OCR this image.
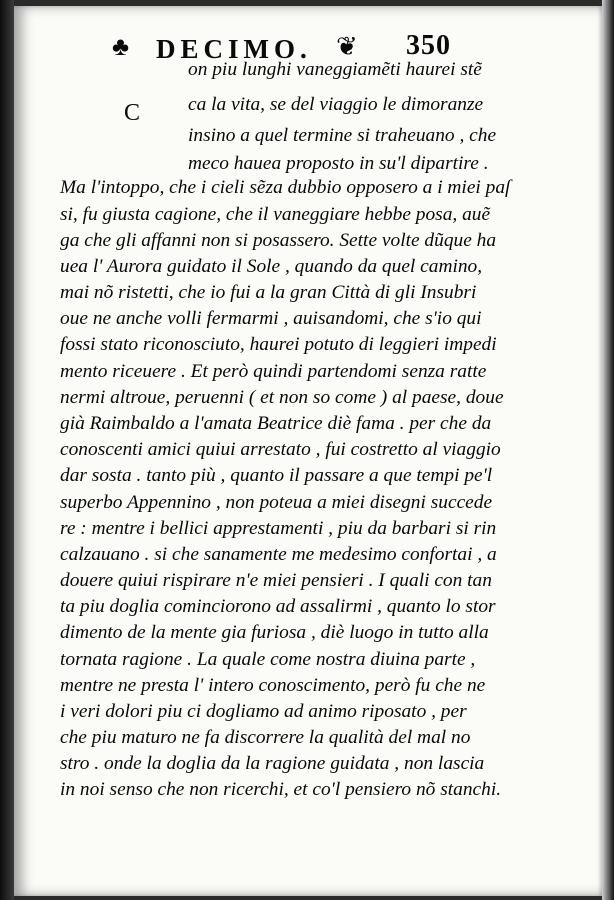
♣ DECIMO. ❦ 350
C
on piu lunghi vaneggiamẽti haurei stẽ
ca la vita, se del viaggio le dimoranze
insino a quel termine si traheuano , che
meco hauea proposto in su'l dipartire .
Ma l'intoppo, che i cieli sẽza dubbio opposero a i miei paſ
si, fu giusta cagione, che il vaneggiare hebbe posa, auẽ
ga che gli affanni non si posassero. Sette volte dũque ha
uea l' Aurora guidato il Sole , quando da quel camino,
mai nõ ristetti, che io fui a la gran Città di gli Insubri
oue ne anche volli fermarmi , auisandomi, che s'io qui
fossi stato riconosciuto, haurei potuto di leggieri impedi
mento riceuere . Et però quindi partendomi senza ratte
nermi altroue, peruenni ( et non so come ) al paese, doue
già Raimbaldo a l'amata Beatrice diè fama . per che da
conoscenti amici quiui arrestato , fui costretto al viaggio
dar sosta . tanto più , quanto il passare a que tempi pe'l
superbo Appennino , non poteua a miei disegni succede
re : mentre i bellici apprestamenti , piu da barbari si rin
calzauano . si che sanamente me medesimo confortai , a
douere quiui rispirare n'e miei pensieri . I quali con tan
ta piu doglia cominciorono ad assalirmi , quanto lo stor
dimento de la mente gia furiosa , diè luogo in tutto alla
tornata ragione . La quale come nostra diuina parte ,
mentre ne presta l' intero conoscimento, però fu che ne
i veri dolori piu ci dogliamo ad animo riposato , per
che piu maturo ne fa discorrere la qualità del mal no
stro . onde la doglia da la ragione guidata , non lascia
in noi senso che non ricerchi, et co'l pensiero nõ stanchi.
